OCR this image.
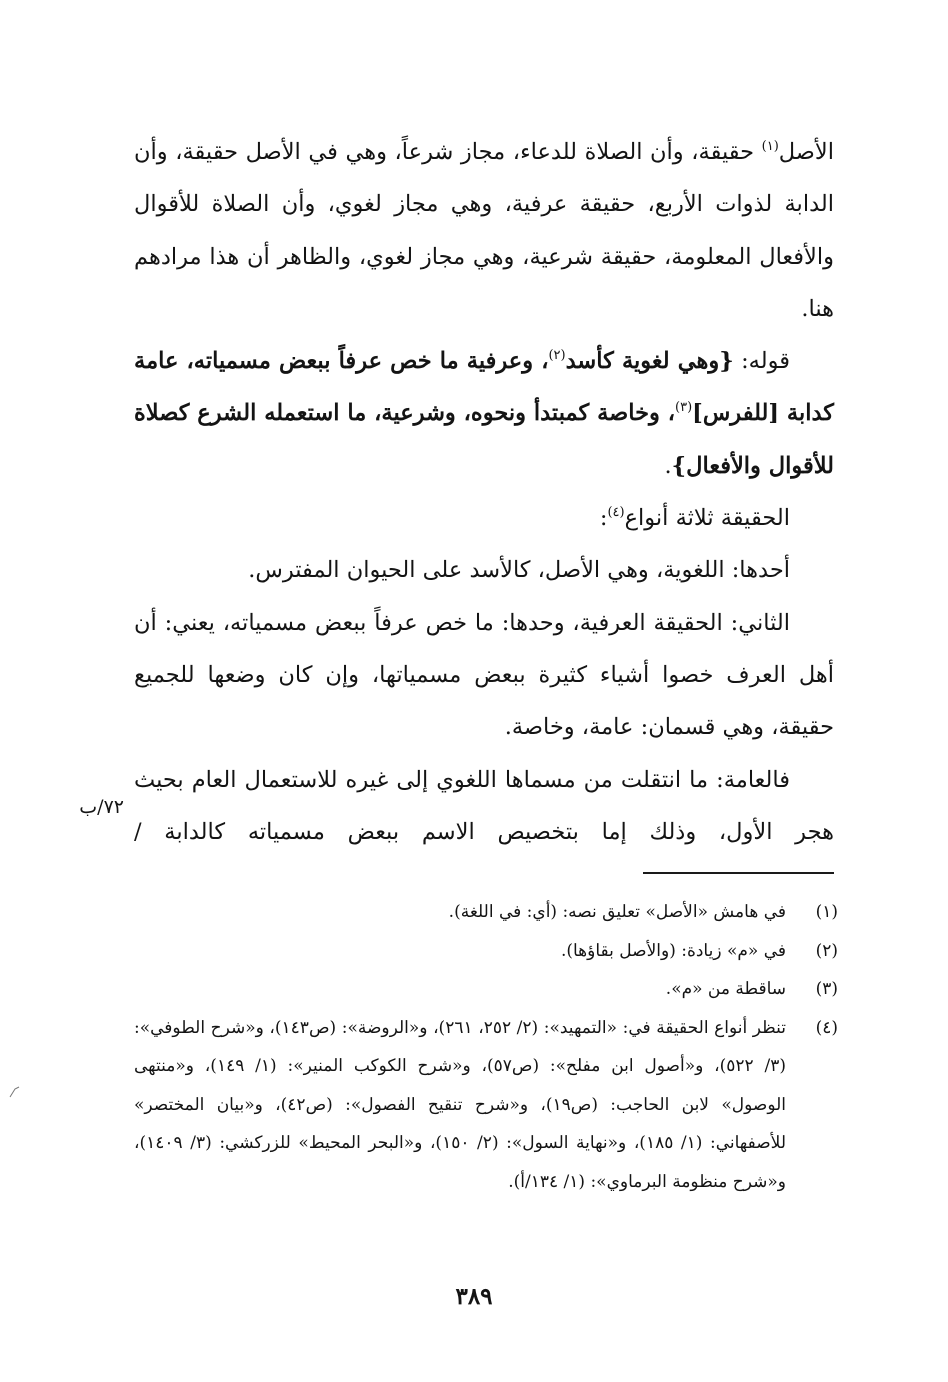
الأصل$^{(١)}$ حقيقة، وأن الصلاة للدعاء، مجاز شرعاً، وهي في الأصل حقيقة، وأن الدابة لذوات الأربع، حقيقة عرفية، وهي مجاز لغوي، وأن الصلاة للأقوال والأفعال المعلومة، حقيقة شرعية، وهي مجاز لغوي، والظاهر أن هذا مرادهم هنا.

قوله: {وهي لغوية كأسد$^{(٢)}$، وعرفية ما خص عرفاً ببعض مسمياته، عامة كدابة [للفرس]$^{(٣)}$، وخاصة كمبتدأ ونحوه، وشرعية، ما استعمله الشرع كصلاة للأقوال والأفعال}.

الحقيقة ثلاثة أنواع$^{(٤)}$:

أحدها: اللغوية، وهي الأصل، كالأسد على الحيوان المفترس.

الثاني: الحقيقة العرفية، وحدها: ما خص عرفاً ببعض مسمياته، يعني: أن أهل العرف خصوا أشياء كثيرة ببعض مسمياتها، وإن كان وضعها للجميع حقيقة، وهي قسمان: عامة، وخاصة.

فالعامة: ما انتقلت من مسماها اللغوي إلى غيره للاستعمال العام بحيث هجر الأول، وذلك إما بتخصيص الاسم ببعض مسمياته كالدابة /

٧٢/ب
(١)
في هامش «الأصل» تعليق نصه: (أي: في اللغة).
(٢)
في «م» زيادة: (والأصل بقاؤها).
(٣)
ساقطة من «م».
(٤)
تنظر أنواع الحقيقة في: «التمهيد»: (٢/ ٢٥٢، ٢٦١)، و«الروضة»: (ص١٤٣)، و«شرح الطوفي»: (٣/ ٥٢٢)، و«أصول ابن مفلح»: (ص٥٧)، و«شرح الكوكب المنير»: (١/ ١٤٩)، و«منتهى الوصول» لابن الحاجب: (ص١٩)، و«شرح تنقيح الفصول»: (ص٤٢)، و«بيان المختصر» للأصفهاني: (١/ ١٨٥)، و«نهاية السول»: (٢/ ١٥٠)، و«البحر المحيط» للزركشي: (٣/ ١٤٠٩)، و«شرح منظومة البرماوي»: (١/ ١٣٤/أ).
٣٨٩
